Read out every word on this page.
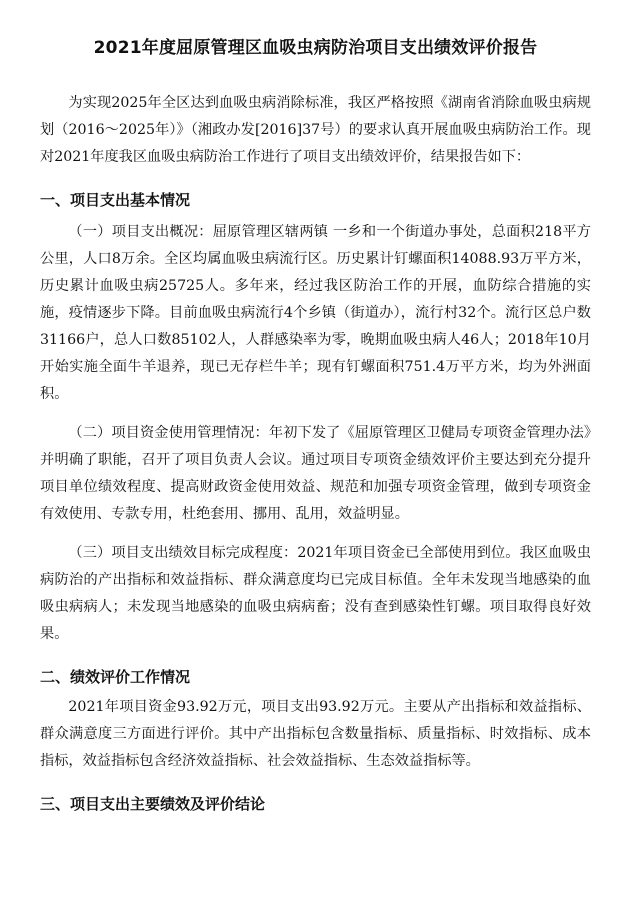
2021年度屈原管理区血吸虫病防治项目支出绩效评价报告

为实现2025年全区达到血吸虫病消除标准，我区严格按照《湖南省消除血吸虫病规划（2016～2025年）》（湘政办发[2016]37号）的要求认真开展血吸虫病防治工作。现对2021年度我区血吸虫病防治工作进行了项目支出绩效评价，结果报告如下：

一、项目支出基本情况

（一）项目支出概况：屈原管理区辖两镇 一乡和一个街道办事处，总面积218平方公里，人口8万余。全区均属血吸虫病流行区。历史累计钉螺面积14088.93万平方米，历史累计血吸虫病25725人。多年来，经过我区防治工作的开展，血防综合措施的实施，疫情逐步下降。目前血吸虫病流行4个乡镇（街道办），流行村32个。流行区总户数31166户，总人口数85102人，人群感染率为零，晚期血吸虫病人46人；2018年10月开始实施全面牛羊退养，现已无存栏牛羊；现有钉螺面积751.4万平方米，均为外洲面积。

（二）项目资金使用管理情况：年初下发了《屈原管理区卫健局专项资金管理办法》并明确了职能，召开了项目负责人会议。通过项目专项资金绩效评价主要达到充分提升项目单位绩效程度、提高财政资金使用效益、规范和加强专项资金管理，做到专项资金有效使用、专款专用，杜绝套用、挪用、乱用，效益明显。

（三）项目支出绩效目标完成程度：2021年项目资金已全部使用到位。我区血吸虫病防治的产出指标和效益指标、群众满意度均已完成目标值。全年未发现当地感染的血吸虫病病人；未发现当地感染的血吸虫病病畜；没有查到感染性钉螺。项目取得良好效果。

二、绩效评价工作情况

2021年项目资金93.92万元，项目支出93.92万元。主要从产出指标和效益指标、群众满意度三方面进行评价。其中产出指标包含数量指标、质量指标、时效指标、成本指标，效益指标包含经济效益指标、社会效益指标、生态效益指标等。

三、项目支出主要绩效及评价结论
